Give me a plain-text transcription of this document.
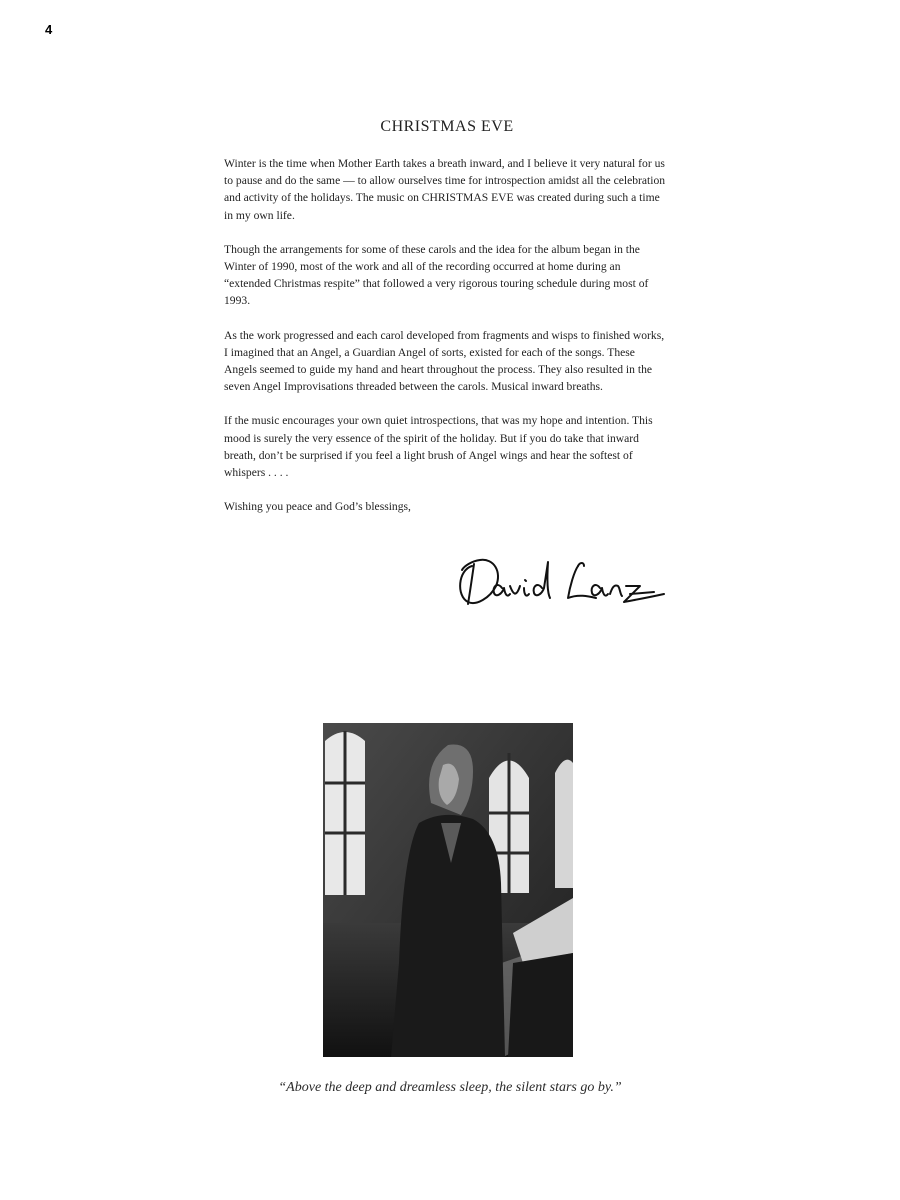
4
CHRISTMAS EVE

Winter is the time when Mother Earth takes a breath inward, and I believe it very natural for us to pause and do the same — to allow ourselves time for introspection amidst all the celebration and activity of the holidays. The music on CHRISTMAS EVE was created during such a time in my own life.

Though the arrangements for some of these carols and the idea for the album began in the Winter of 1990, most of the work and all of the recording occurred at home during an “extended Christmas respite” that followed a very rigorous touring schedule during most of 1993.

As the work progressed and each carol developed from fragments and wisps to finished works, I imagined that an Angel, a Guardian Angel of sorts, existed for each of the songs. These Angels seemed to guide my hand and heart throughout the process. They also resulted in the seven Angel Improvisations threaded between the carols. Musical inward breaths.

If the music encourages your own quiet introspections, that was my hope and intention. This mood is surely the very essence of the spirit of the holiday. But if you do take that inward breath, don’t be surprised if you feel a light brush of Angel wings and hear the softest of whispers . . . .

Wishing you peace and God’s blessings,

“Above the deep and dreamless sleep, the silent stars go by.”
